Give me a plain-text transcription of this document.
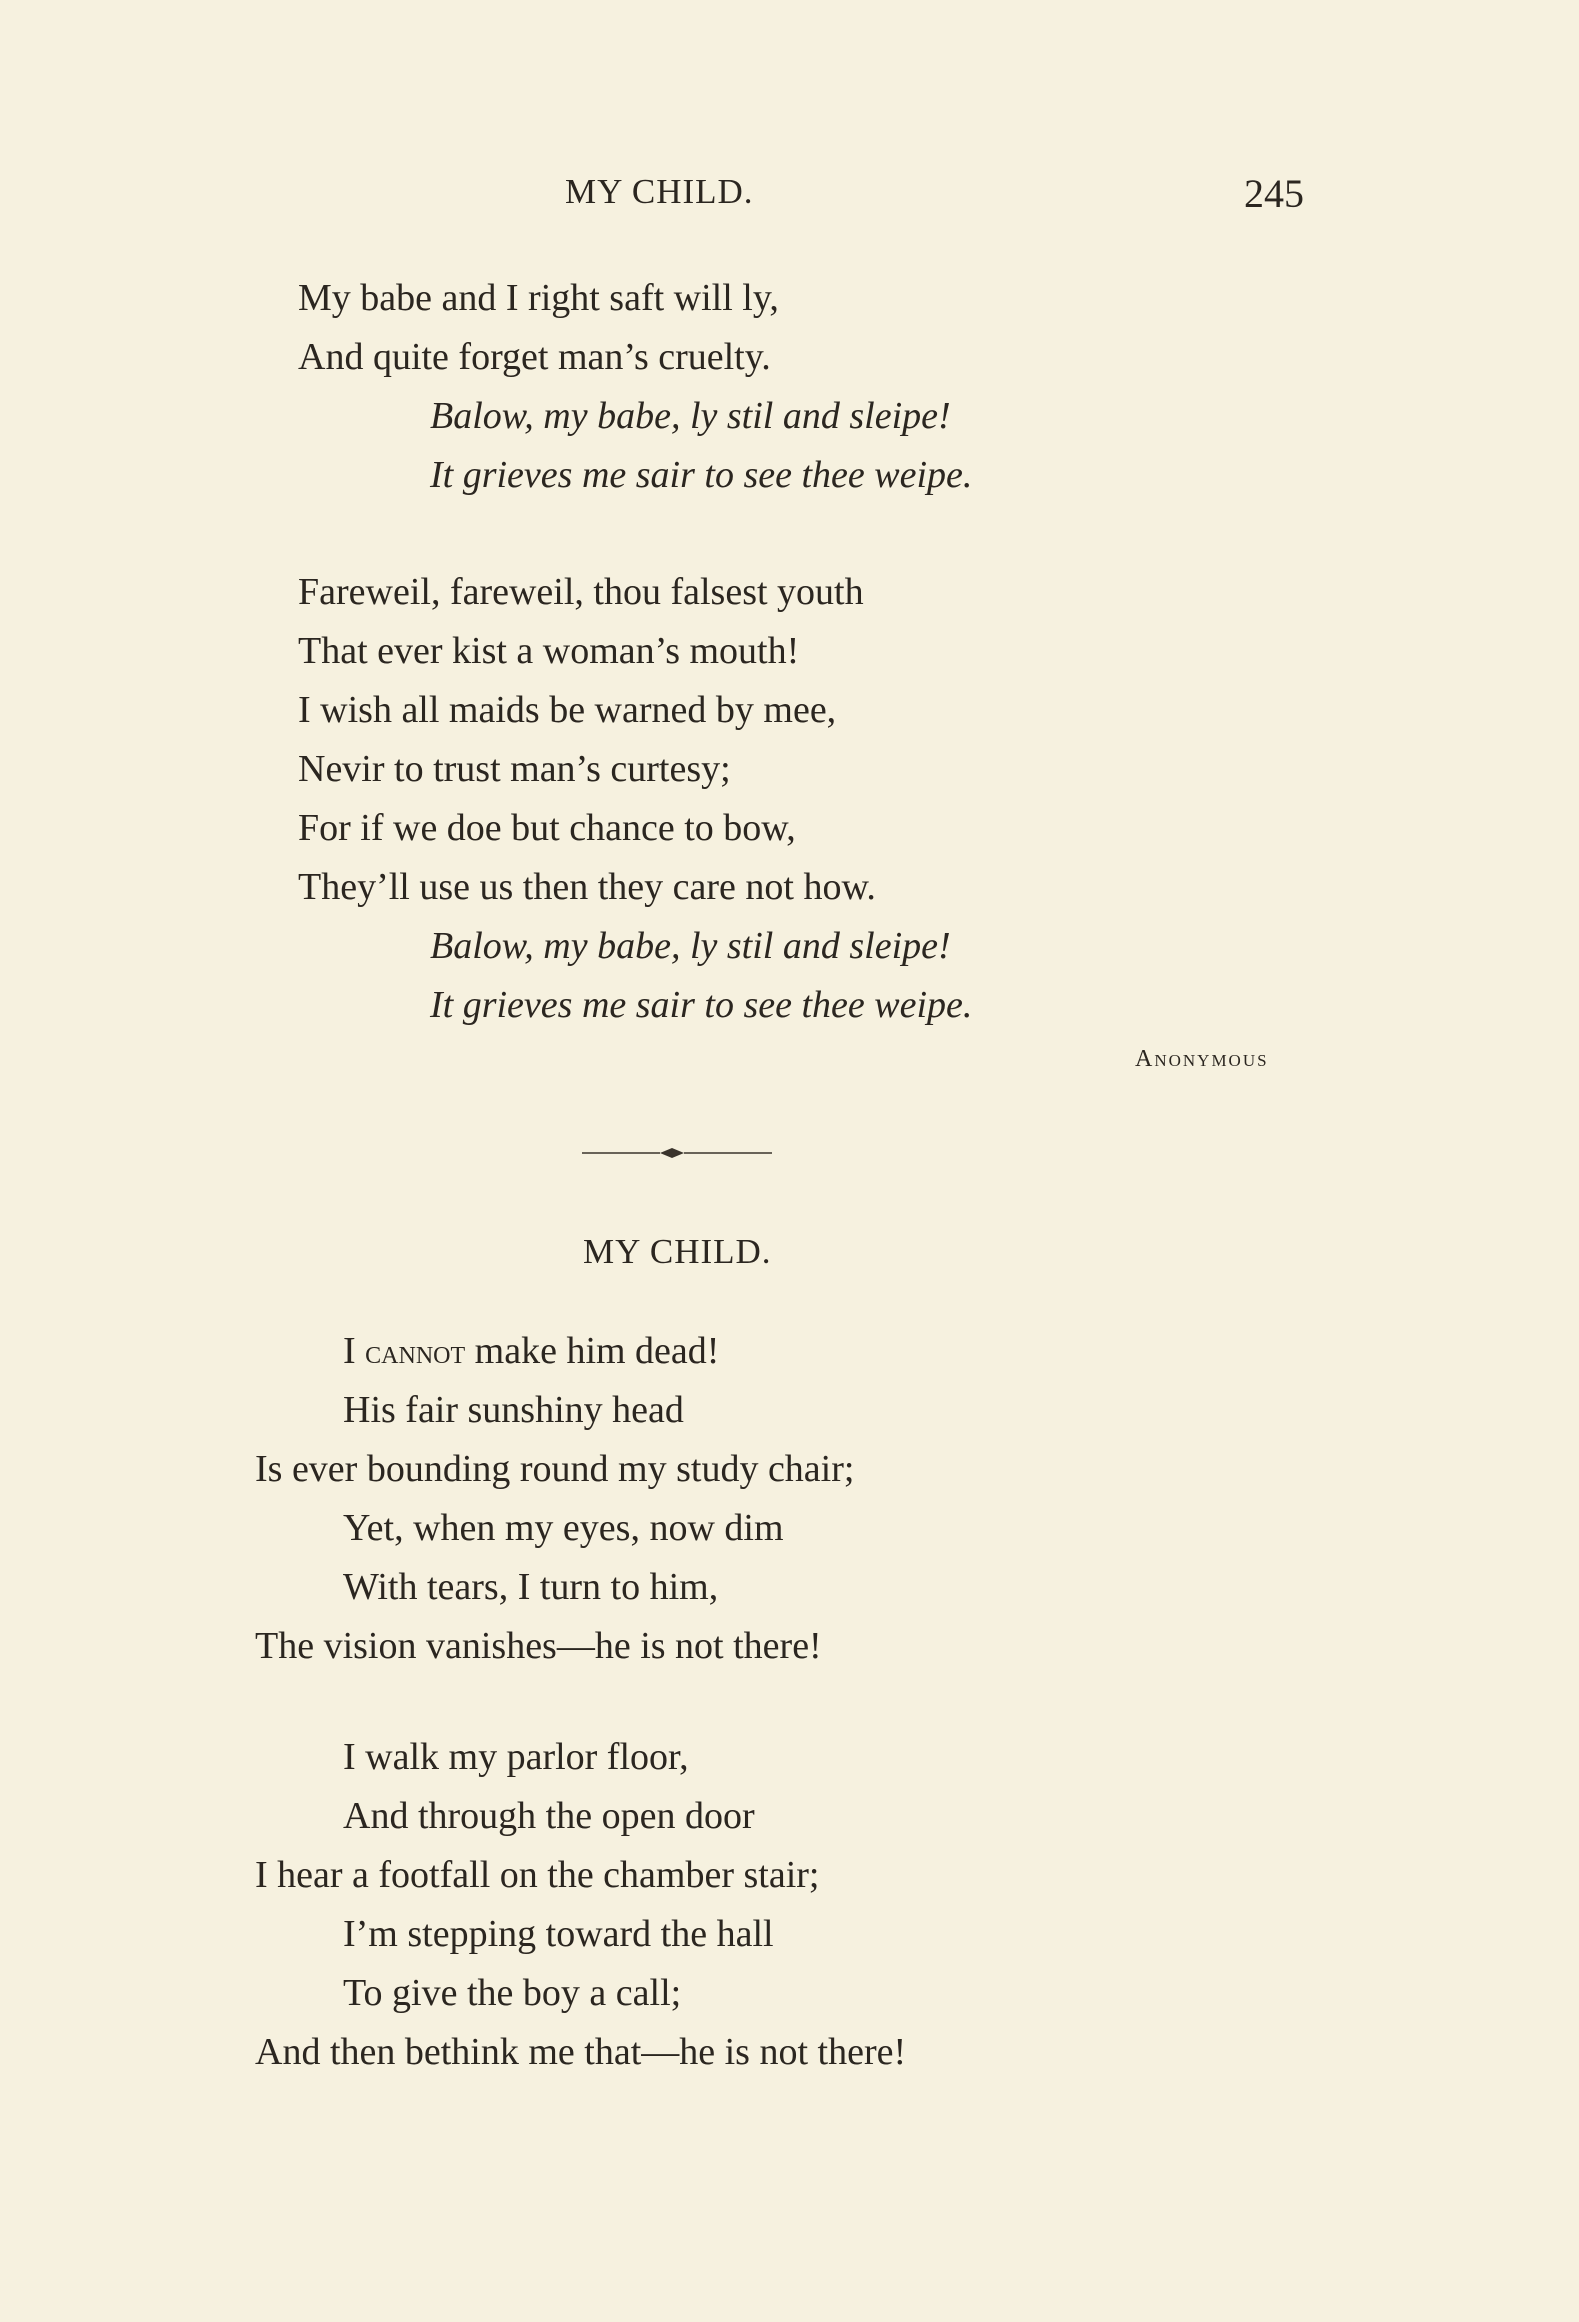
MY CHILD.	245
My babe and I right saft will ly,
And quite forget man’s cruelty.
Balow, my babe, ly stil and sleipe!
It grieves me sair to see thee weipe.
Fareweil, fareweil, thou falsest youth
That ever kist a woman’s mouth!
I wish all maids be warned by mee,
Nevir to trust man’s curtesy;
For if we doe but chance to bow,
They’ll use us then they care not how.
Balow, my babe, ly stil and sleipe!
It grieves me sair to see thee weipe.
Anonymous
MY CHILD.
I cannot make him dead!
His fair sunshiny head
Is ever bounding round my study chair;
Yet, when my eyes, now dim
With tears, I turn to him,
The vision vanishes—he is not there!
I walk my parlor floor,
And through the open door
I hear a footfall on the chamber stair;
I’m stepping toward the hall
To give the boy a call;
And then bethink me that—he is not there!
